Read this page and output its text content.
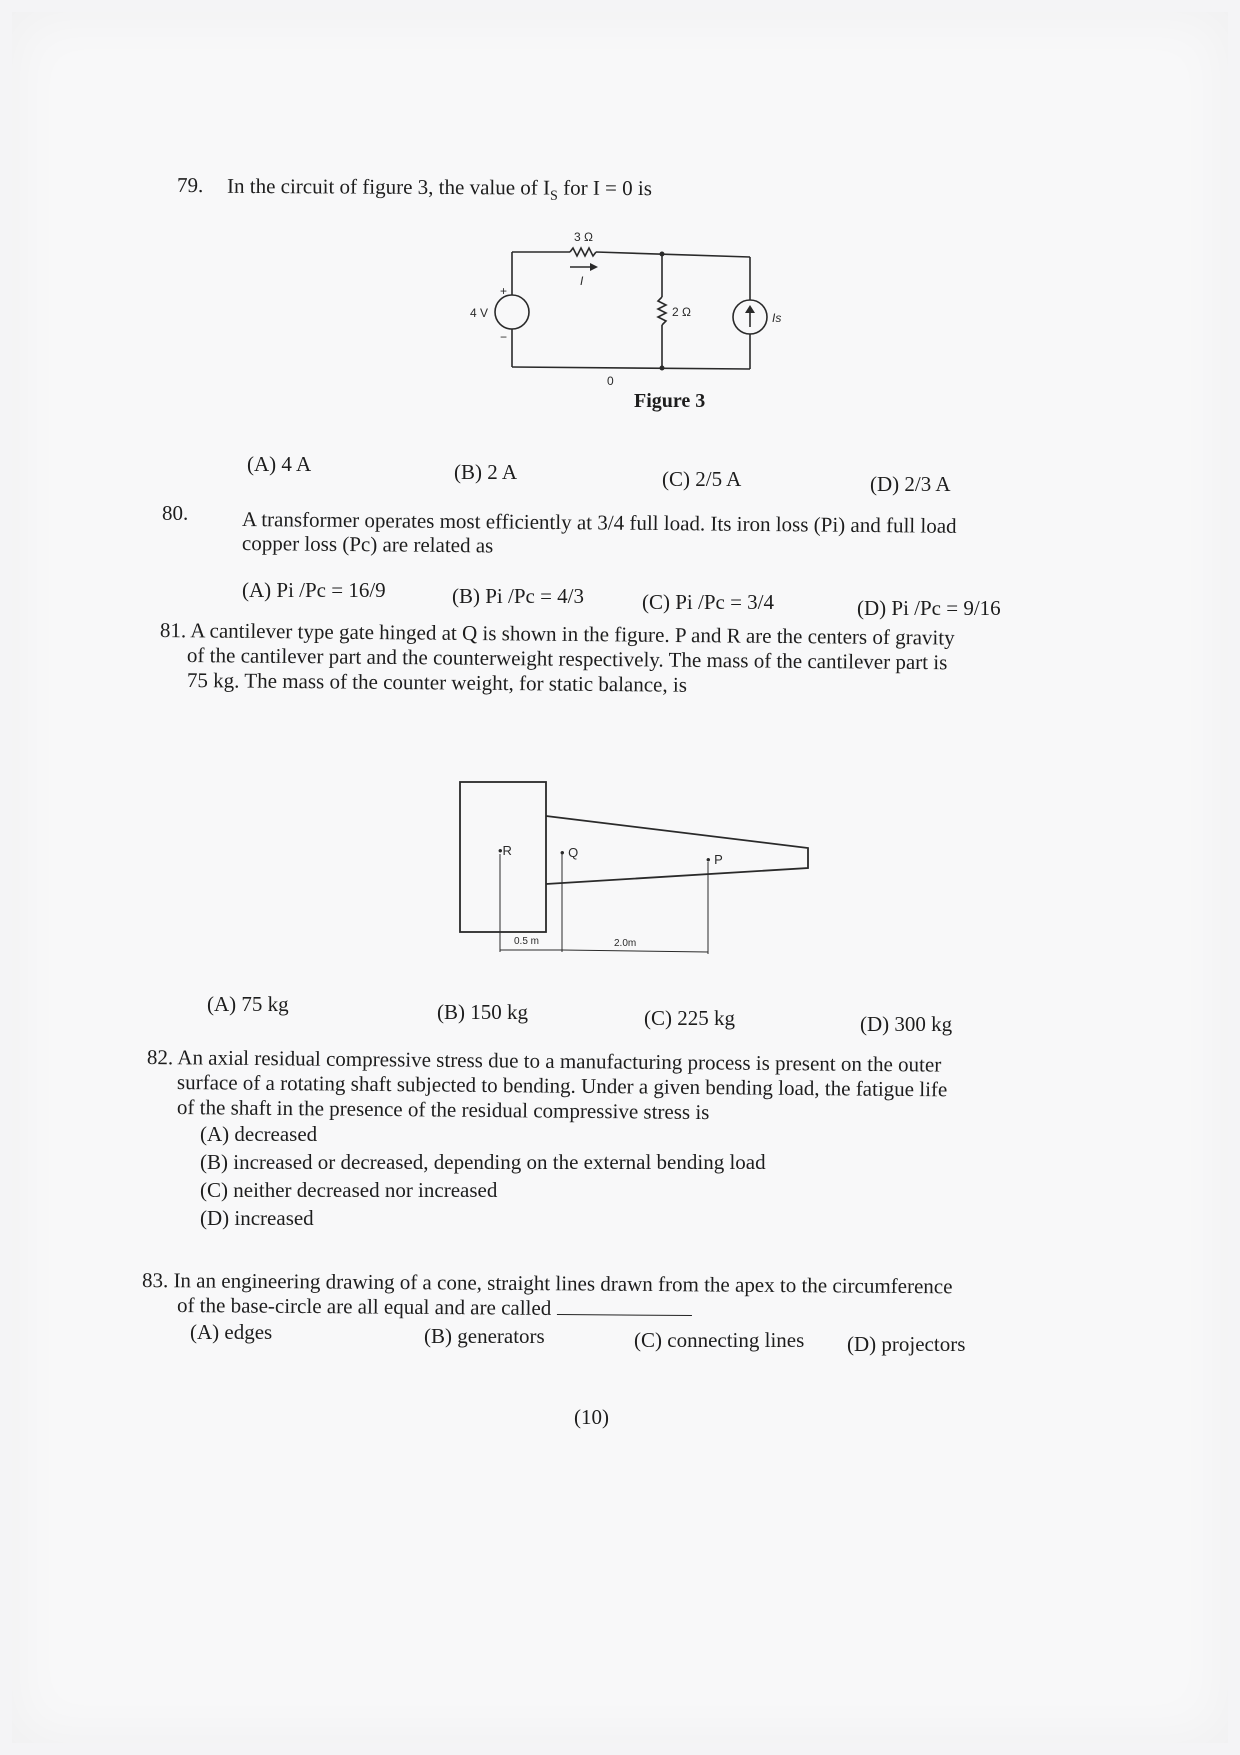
79. In the circuit of figure 3, the value of $I_S$ for I = 0 is
3 Ω
I
4 V
+
−
2 Ω	Is
0
Figure 3
(A) 4 A	(B) 2 A	(C) 2/5 A	(D) 2/3 A
80.	A transformer operates most efficiently at 3/4 full load. Its iron loss (Pi) and full load
copper loss (Pc) are related as
(A) Pi /Pc = 16/9	(B) Pi /Pc = 4/3	(C) Pi /Pc = 3/4	(D) Pi /Pc = 9/16
81. A cantilever type gate hinged at Q is shown in the figure. P and R are the centers of gravity
of the cantilever part and the counterweight respectively. The mass of the cantilever part is
75 kg. The mass of the counter weight, for static balance, is
•R	• Q	• P
0.5 m	2.0m
(A) 75 kg	(B) 150 kg	(C) 225 kg	(D) 300 kg
82. An axial residual compressive stress due to a manufacturing process is present on the outer
surface of a rotating shaft subjected to bending. Under a given bending load, the fatigue life
of the shaft in the presence of the residual compressive stress is
(A) decreased
(B) increased or decreased, depending on the external bending load
(C) neither decreased nor increased
(D) increased
83. In an engineering drawing of a cone, straight lines drawn from the apex to the circumference
of the base-circle are all equal and are called
(A) edges	(B) generators	(C) connecting lines (D) projectors
(10)
